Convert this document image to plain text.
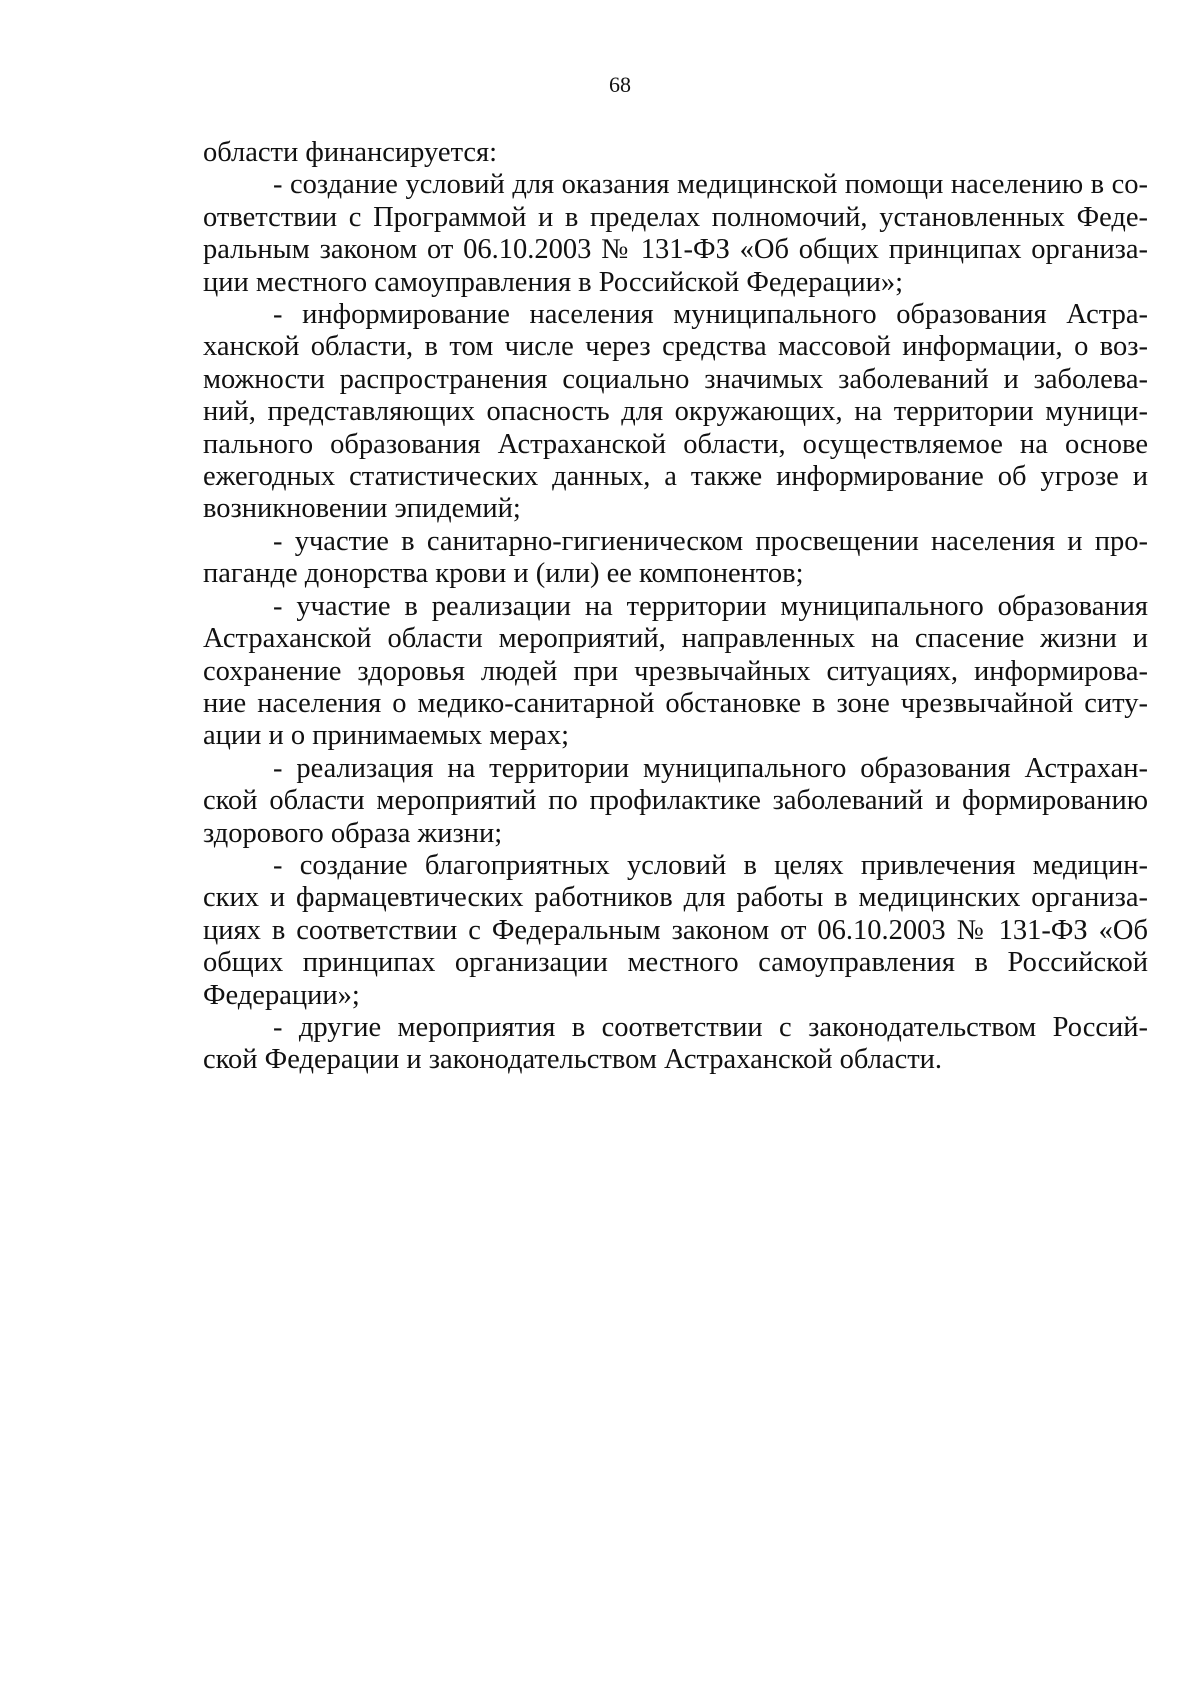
68
области финансируется:
- создание условий для оказания медицинской помощи населению в со-
ответствии с Программой и в пределах полномочий, установленных Феде-
ральным законом от 06.10.2003 № 131-ФЗ «Об общих принципах организа-
ции местного самоуправления в Российской Федерации»;
- информирование населения муниципального образования Астра-
ханской области, в том числе через средства массовой информации, о воз-
можности распространения социально значимых заболеваний и заболева-
ний, представляющих опасность для окружающих, на территории муници-
пального образования Астраханской области, осуществляемое на основе
ежегодных статистических данных, а также информирование об угрозе и
возникновении эпидемий;
- участие в санитарно-гигиеническом просвещении населения и про-
паганде донорства крови и (или) ее компонентов;
- участие в реализации на территории муниципального образования
Астраханской области мероприятий, направленных на спасение жизни и
сохранение здоровья людей при чрезвычайных ситуациях, информирова-
ние населения о медико-санитарной обстановке в зоне чрезвычайной ситу-
ации и о принимаемых мерах;
- реализация на территории муниципального образования Астрахан-
ской области мероприятий по профилактике заболеваний и формированию
здорового образа жизни;
- создание благоприятных условий в целях привлечения медицин-
ских и фармацевтических работников для работы в медицинских организа-
циях в соответствии с Федеральным законом от 06.10.2003 № 131-ФЗ «Об
общих принципах организации местного самоуправления в Российской
Федерации»;
- другие мероприятия в соответствии с законодательством Россий-
ской Федерации и законодательством Астраханской области.
